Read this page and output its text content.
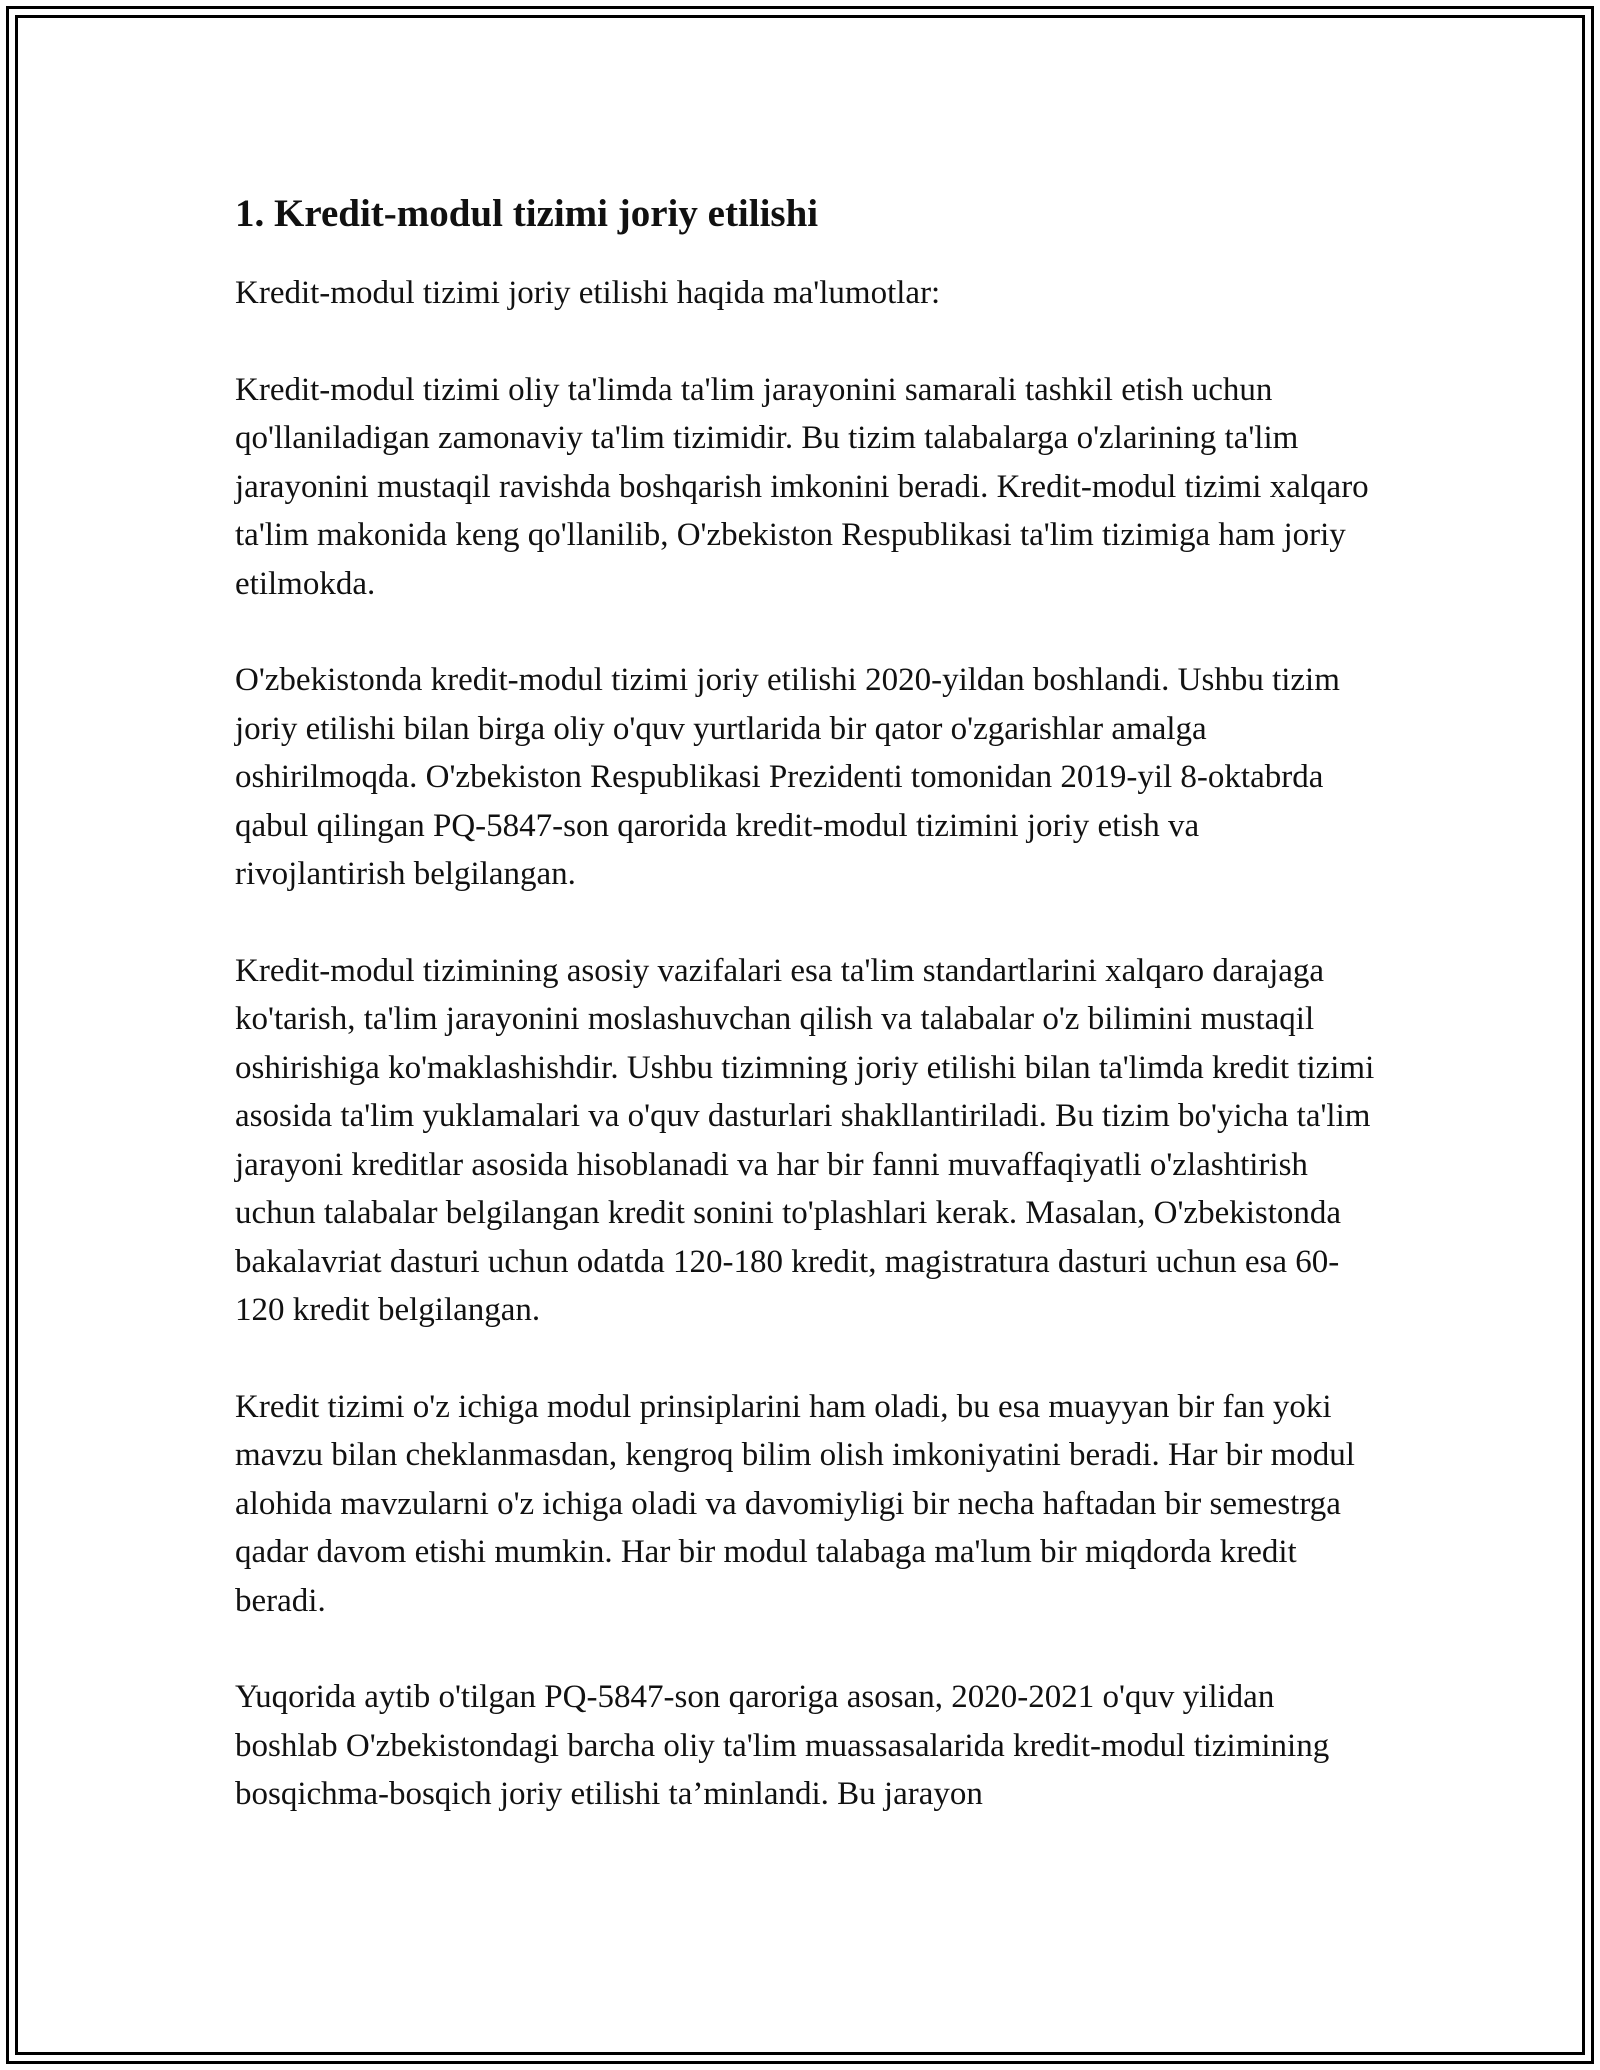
1. Kredit-modul tizimi joriy etilishi

Kredit-modul tizimi joriy etilishi haqida ma'lumotlar:

Kredit-modul tizimi oliy ta'limda ta'lim jarayonini samarali tashkil etish uchun qo'llaniladigan zamonaviy ta'lim tizimidir. Bu tizim talabalarga o'zlarining ta'lim jarayonini mustaqil ravishda boshqarish imkonini beradi. Kredit-modul tizimi xalqaro ta'lim makonida keng qo'llanilib, O'zbekiston Respublikasi ta'lim tizimiga ham joriy etilmokda.

O'zbekistonda kredit-modul tizimi joriy etilishi 2020-yildan boshlandi. Ushbu tizim joriy etilishi bilan birga oliy o'quv yurtlarida bir qator o'zgarishlar amalga oshirilmoqda. O'zbekiston Respublikasi Prezidenti tomonidan 2019-yil 8-oktabrda qabul qilingan PQ-5847-son qarorida kredit-modul tizimini joriy etish va rivojlantirish belgilangan.

Kredit-modul tizimining asosiy vazifalari esa ta'lim standartlarini xalqaro darajaga ko'tarish, ta'lim jarayonini moslashuvchan qilish va talabalar o'z bilimini mustaqil oshirishiga ko'maklashishdir. Ushbu tizimning joriy etilishi bilan ta'limda kredit tizimi asosida ta'lim yuklamalari va o'quv dasturlari shakllantiriladi. Bu tizim bo'yicha ta'lim jarayoni kreditlar asosida hisoblanadi va har bir fanni muvaffaqiyatli o'zlashtirish uchun talabalar belgilangan kredit sonini to'plashlari kerak. Masalan, O'zbekistonda bakalavriat dasturi uchun odatda 120-180 kredit, magistratura dasturi uchun esa 60-120 kredit belgilangan.

Kredit tizimi o'z ichiga modul prinsiplarini ham oladi, bu esa muayyan bir fan yoki mavzu bilan cheklanmasdan, kengroq bilim olish imkoniyatini beradi. Har bir modul alohida mavzularni o'z ichiga oladi va davomiyligi bir necha haftadan bir semestrga qadar davom etishi mumkin. Har bir modul talabaga ma'lum bir miqdorda kredit beradi.

Yuqorida aytib o'tilgan PQ-5847-son qaroriga asosan, 2020-2021 o'quv yilidan boshlab O'zbekistondagi barcha oliy ta'lim muassasalarida kredit-modul tizimining bosqichma-bosqich joriy etilishi ta’minlandi. Bu jarayon
